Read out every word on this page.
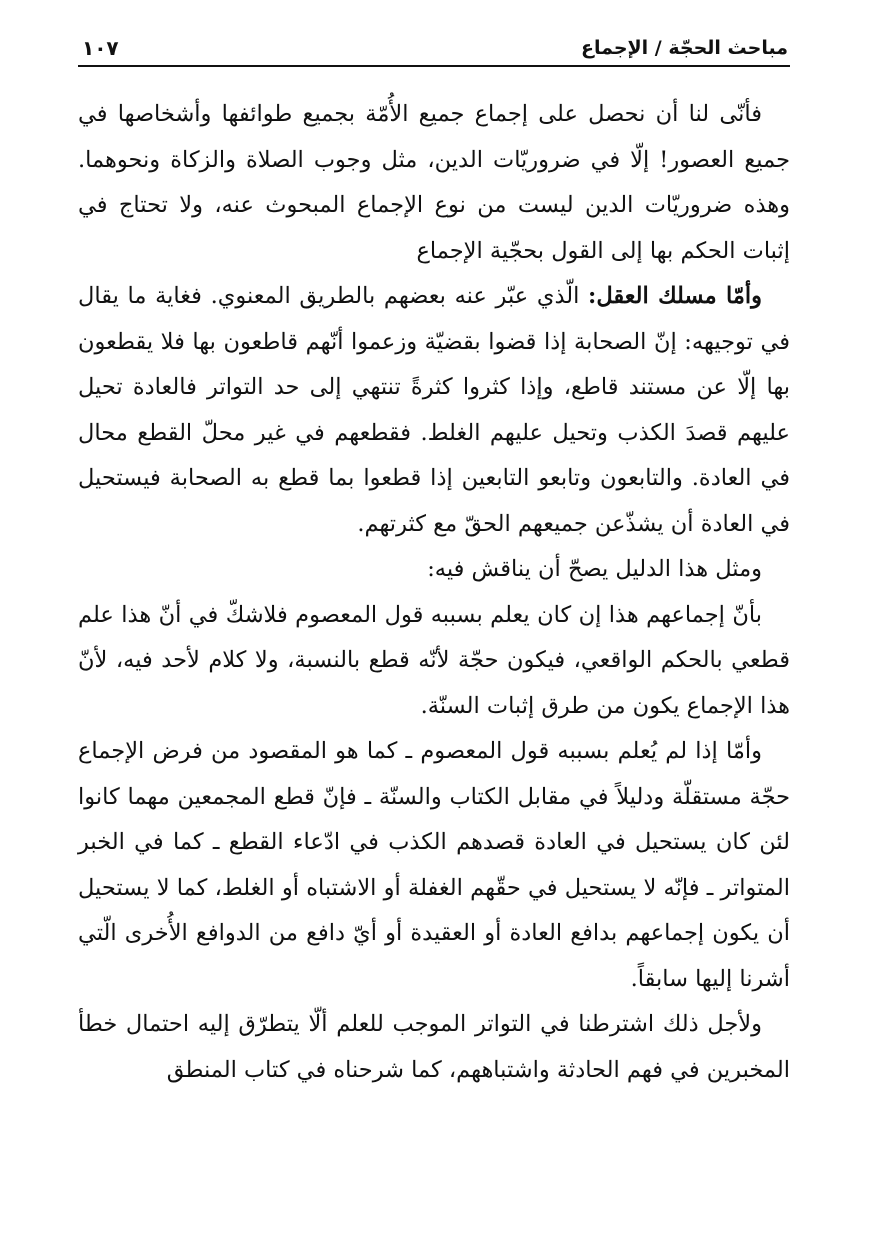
مباحث الحجّة / الإجماع
١٠٧

فأنّى لنا أن نحصل على إجماع جميع الأُمّة بجميع طوائفها وأشخاصها في جميع العصور! إلّا في ضروريّات الدين، مثل وجوب الصلاة والزكاة ونحوهما. وهذه ضروريّات الدين ليست من نوع الإجماع المبحوث عنه، ولا تحتاج في إثبات الحكم بها إلى القول بحجّية الإجماع

وأمّا مسلك العقل: الّذي عبّر عنه بعضهم بالطريق المعنوي. فغاية ما يقال في توجيهه: إنّ الصحابة إذا قضوا بقضيّة وزعموا أنّهم قاطعون بها فلا يقطعون بها إلّا عن مستند قاطع، وإذا كثروا كثرةً تنتهي إلى حد التواتر فالعادة تحيل عليهم قصدَ الكذب وتحيل عليهم الغلط. فقطعهم في غير محلّ القطع محال في العادة. والتابعون وتابعو التابعين إذا قطعوا بما قطع به الصحابة فيستحيل في العادة أن يشذّعن جميعهم الحقّ مع كثرتهم.

ومثل هذا الدليل يصحّ أن يناقش فيه:

بأنّ إجماعهم هذا إن كان يعلم بسببه قول المعصوم فلاشكّ في أنّ هذا علم قطعي بالحكم الواقعي، فيكون حجّة لأنّه قطع بالنسبة، ولا كلام لأحد فيه، لأنّ هذا الإجماع يكون من طرق إثبات السنّة.

وأمّا إذا لم يُعلم بسببه قول المعصوم ـ كما هو المقصود من فرض الإجماع حجّة مستقلّة ودليلاً في مقابل الكتاب والسنّة ـ فإنّ قطع المجمعين مهما كانوا لئن كان يستحيل في العادة قصدهم الكذب في ادّعاء القطع ـ كما في الخبر المتواتر ـ فإنّه لا يستحيل في حقّهم الغفلة أو الاشتباه أو الغلط، كما لا يستحيل أن يكون إجماعهم بدافع العادة أو العقيدة أو أيّ دافع من الدوافع الأُخرى الّتي أشرنا إليها سابقاً.

ولأجل ذلك اشترطنا في التواتر الموجب للعلم ألّا يتطرّق إليه احتمال خطأ المخبرين في فهم الحادثة واشتباههم، كما شرحناه في كتاب المنطق
